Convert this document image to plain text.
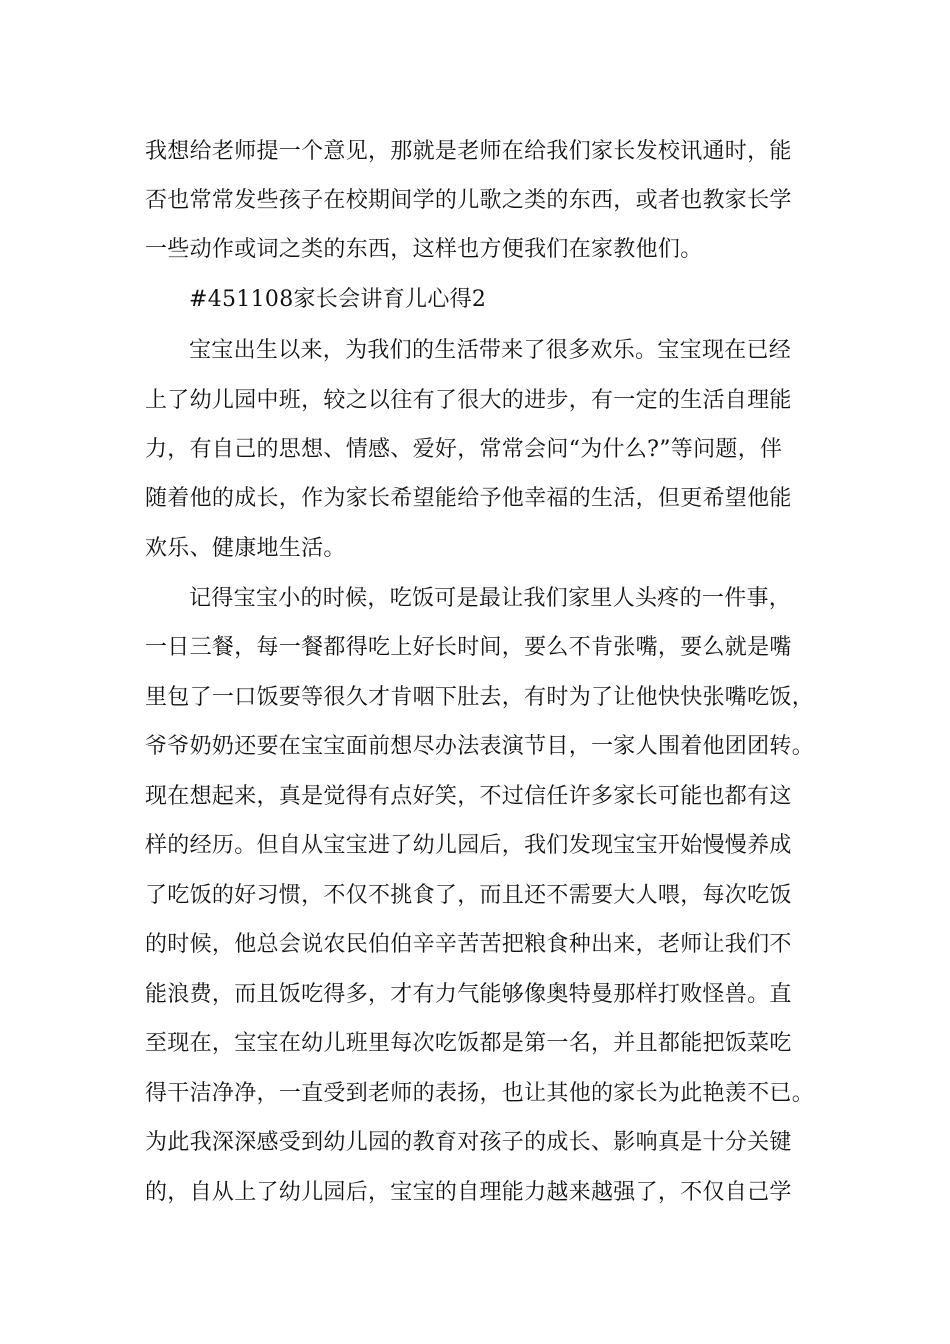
我想给老师提一个意见，那就是老师在给我们家长发校讯通时，能
否也常常发些孩子在校期间学的儿歌之类的东西，或者也教家长学
一些动作或词之类的东西，这样也方便我们在家教他们。
#451108家长会讲育儿心得2
宝宝出生以来，为我们的生活带来了很多欢乐。宝宝现在已经
上了幼儿园中班，较之以往有了很大的进步，有一定的生活自理能
力，有自己的思想、情感、爱好，常常会问“为什么?”等问题，伴
随着他的成长，作为家长希望能给予他幸福的生活，但更希望他能
欢乐、健康地生活。
记得宝宝小的时候，吃饭可是最让我们家里人头疼的一件事，
一日三餐，每一餐都得吃上好长时间，要么不肯张嘴，要么就是嘴
里包了一口饭要等很久才肯咽下肚去，有时为了让他快快张嘴吃饭，
爷爷奶奶还要在宝宝面前想尽办法表演节目，一家人围着他团团转。
现在想起来，真是觉得有点好笑，不过信任许多家长可能也都有这
样的经历。但自从宝宝进了幼儿园后，我们发现宝宝开始慢慢养成
了吃饭的好习惯，不仅不挑食了，而且还不需要大人喂，每次吃饭
的时候，他总会说农民伯伯辛辛苦苦把粮食种出来，老师让我们不
能浪费，而且饭吃得多，才有力气能够像奥特曼那样打败怪兽。直
至现在，宝宝在幼儿班里每次吃饭都是第一名，并且都能把饭菜吃
得干洁净净，一直受到老师的表扬，也让其他的家长为此艳羡不已。
为此我深深感受到幼儿园的教育对孩子的成长、影响真是十分关键
的，自从上了幼儿园后，宝宝的自理能力越来越强了，不仅自己学
